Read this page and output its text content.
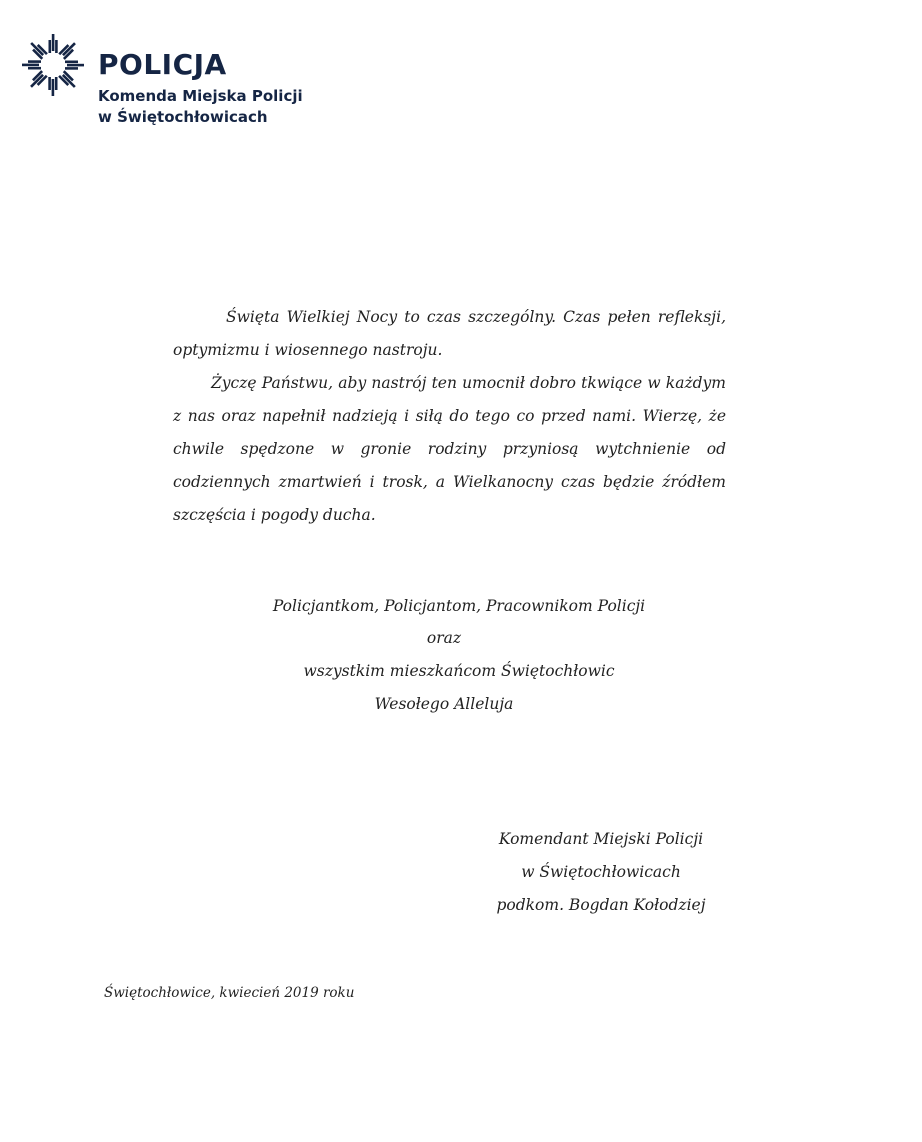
POLICJA
Komenda Miejska Policji
w Świętochłowicach

Święta Wielkiej Nocy to czas szczególny. Czas pełen refleksji, optymizmu i wiosennego nastroju.

Życzę Państwu, aby nastrój ten umocnił dobro tkwiące w każdym z nas oraz napełnił nadzieją i siłą do tego co przed nami. Wierzę, że chwile spędzone w gronie rodziny przyniosą wytchnienie od codziennych zmartwień i trosk, a Wielkanocny czas będzie źródłem szczęścia i pogody ducha.

Policjantkom, Policjantom, Pracownikom Policji
oraz
wszystkim mieszkańcom Świętochłowic
Wesołego Alleluja
Komendant Miejski Policji
w Świętochłowicach
podkom. Bogdan Kołodziej
Świętochłowice, kwiecień 2019 roku
